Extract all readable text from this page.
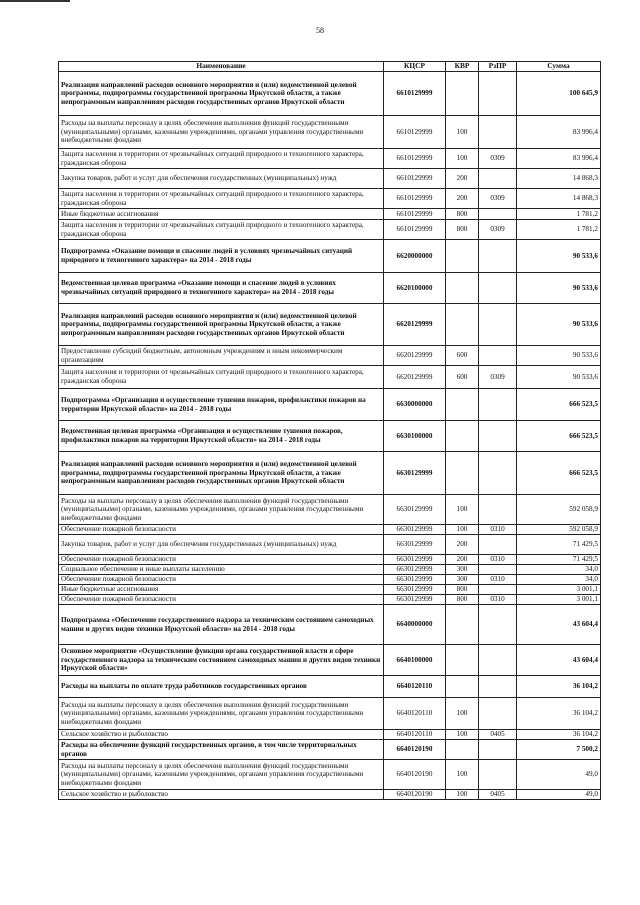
58
Наименование	КЦСР	КВР	РзПР	Сумма
Реализация направлений расходов основного мероприятия и (или) ведомственной целевой программы, подпрограммы государственной программы Иркутской области, а также непрограммным направлениям расходов государственных органов Иркутской области	6610129999			100 645,9
Расходы на выплаты персоналу в целях обеспечения выполнения функций государственными (муниципальными) органами, казенными учреждениями, органами управления государственными внебюджетными фондами	6610129999	100		83 996,4
Защита населения и территории от чрезвычайных ситуаций природного и техногенного характера, гражданская оборона	6610129999	100	0309	83 996,4
Закупка товаров, работ и услуг для обеспечения государственных (муниципальных) нужд	6610129999	200		14 868,3
Защита населения и территории от чрезвычайных ситуаций природного и техногенного характера, гражданская оборона	6610129999	200	0309	14 868,3
Иные бюджетные ассигнования	6610129999	800		1 781,2
Защита населения и территории от чрезвычайных ситуаций природного и техногенного характера, гражданская оборона	6610129999	800	0309	1 781,2
Подпрограмма «Оказание помощи и спасение людей в условиях чрезвычайных ситуаций природного и техногенного характера» на 2014 - 2018 годы	6620000000			90 533,6
Ведомственная целевая программа «Оказание помощи и спасение людей в условиях чрезвычайных ситуаций природного и техногенного характера» на 2014 - 2018 годы	6620100000			90 533,6
Реализация направлений расходов основного мероприятия и (или) ведомственной целевой программы, подпрограммы государственной программы Иркутской области, а также непрограммным направлениям расходов государственных органов Иркутской области	6620129999			90 533,6
Предоставление субсидий бюджетным, автономным учреждениям и иным некоммерческим организациям	6620129999	600		90 533,6
Защита населения и территории от чрезвычайных ситуаций природного и техногенного характера, гражданская оборона	6620129999	600	0309	90 533,6
Подпрограмма «Организация и осуществление тушения пожаров, профилактики пожаров на территории Иркутской области» на 2014 - 2018 годы	6630000000			666 523,5
Ведомственная целевая программа «Организация и осуществление тушения пожаров, профилактики пожаров на территории Иркутской области» на 2014 - 2018 годы	6630100000			666 523,5
Реализация направлений расходов основного мероприятия и (или) ведомственной целевой программы, подпрограммы государственной программы Иркутской области, а также непрограммным направлениям расходов государственных органов Иркутской области	6630129999			666 523,5
Расходы на выплаты персоналу в целях обеспечения выполнения функций государственными (муниципальными) органами, казенными учреждениями, органами управления государственными внебюджетными фондами	6630129999	100		592 058,9
Обеспечение пожарной безопасности	6630129999	100	0310	592 058,9
Закупка товаров, работ и услуг для обеспечения государственных (муниципальных) нужд	6630129999	200		71 429,5
Обеспечение пожарной безопасности	6630129999	200	0310	71 429,5
Социальное обеспечение и иные выплаты населению	6630129999	300		34,0
Обеспечение пожарной безопасности	6630129999	300	0310	34,0
Иные бюджетные ассигнования	6630129999	800		3 001,1
Обеспечение пожарной безопасности	6630129999	800	0310	3 001,1
Подпрограмма «Обеспечение государственного надзора за техническим состоянием самоходных машин и других видов техники Иркутской области» на 2014 - 2018 годы	6640000000			43 604,4
Основное мероприятие «Осуществление функции органа государственной власти в сфере государственного надзора за техническим состоянием самоходных машин и других видов техники Иркутской области»	6640100000			43 604,4
Расходы на выплаты по оплате труда работников государственных органов	6640120110			36 104,2
Расходы на выплаты персоналу в целях обеспечения выполнения функций государственными (муниципальными) органами, казенными учреждениями, органами управления государственными внебюджетными фондами	6640120110	100		36 104,2
Сельское хозяйство и рыболовство	6640120110	100	0405	36 104,2
Расходы на обеспечение функций государственных органов, в том числе территориальных органов	6640120190			7 500,2
Расходы на выплаты персоналу в целях обеспечения выполнения функций государственными (муниципальными) органами, казенными учреждениями, органами управления государственными внебюджетными фондами	6640120190	100		49,0
Сельское хозяйство и рыболовство	6640120190	100	0405	49,0
